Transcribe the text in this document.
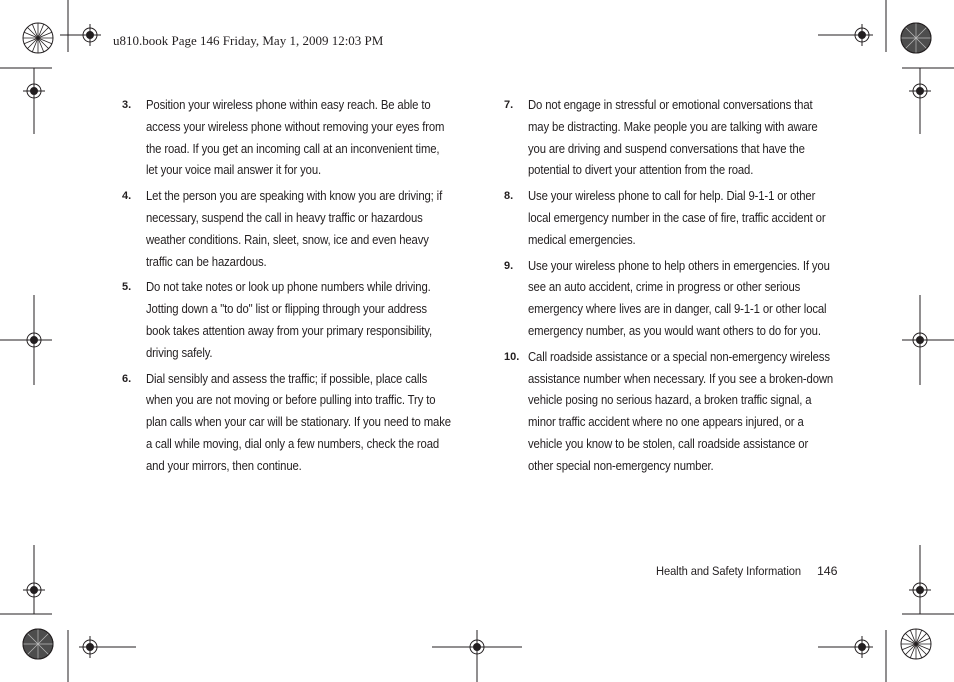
u810.book Page 146 Friday, May 1, 2009 12:03 PM
3. Position your wireless phone within easy reach. Be able to access your wireless phone without removing your eyes from the road. If you get an incoming call at an inconvenient time, let your voice mail answer it for you.
4. Let the person you are speaking with know you are driving; if necessary, suspend the call in heavy traffic or hazardous weather conditions. Rain, sleet, snow, ice and even heavy traffic can be hazardous.
5. Do not take notes or look up phone numbers while driving. Jotting down a "to do" list or flipping through your address book takes attention away from your primary responsibility, driving safely.
6. Dial sensibly and assess the traffic; if possible, place calls when you are not moving or before pulling into traffic. Try to plan calls when your car will be stationary. If you need to make a call while moving, dial only a few numbers, check the road and your mirrors, then continue.
7. Do not engage in stressful or emotional conversations that may be distracting. Make people you are talking with aware you are driving and suspend conversations that have the potential to divert your attention from the road.
8. Use your wireless phone to call for help. Dial 9-1-1 or other local emergency number in the case of fire, traffic accident or medical emergencies.
9. Use your wireless phone to help others in emergencies. If you see an auto accident, crime in progress or other serious emergency where lives are in danger, call 9-1-1 or other local emergency number, as you would want others to do for you.
10. Call roadside assistance or a special non-emergency wireless assistance number when necessary. If you see a broken-down vehicle posing no serious hazard, a broken traffic signal, a minor traffic accident where no one appears injured, or a vehicle you know to be stolen, call roadside assistance or other special non-emergency number.
Health and Safety Information 146
